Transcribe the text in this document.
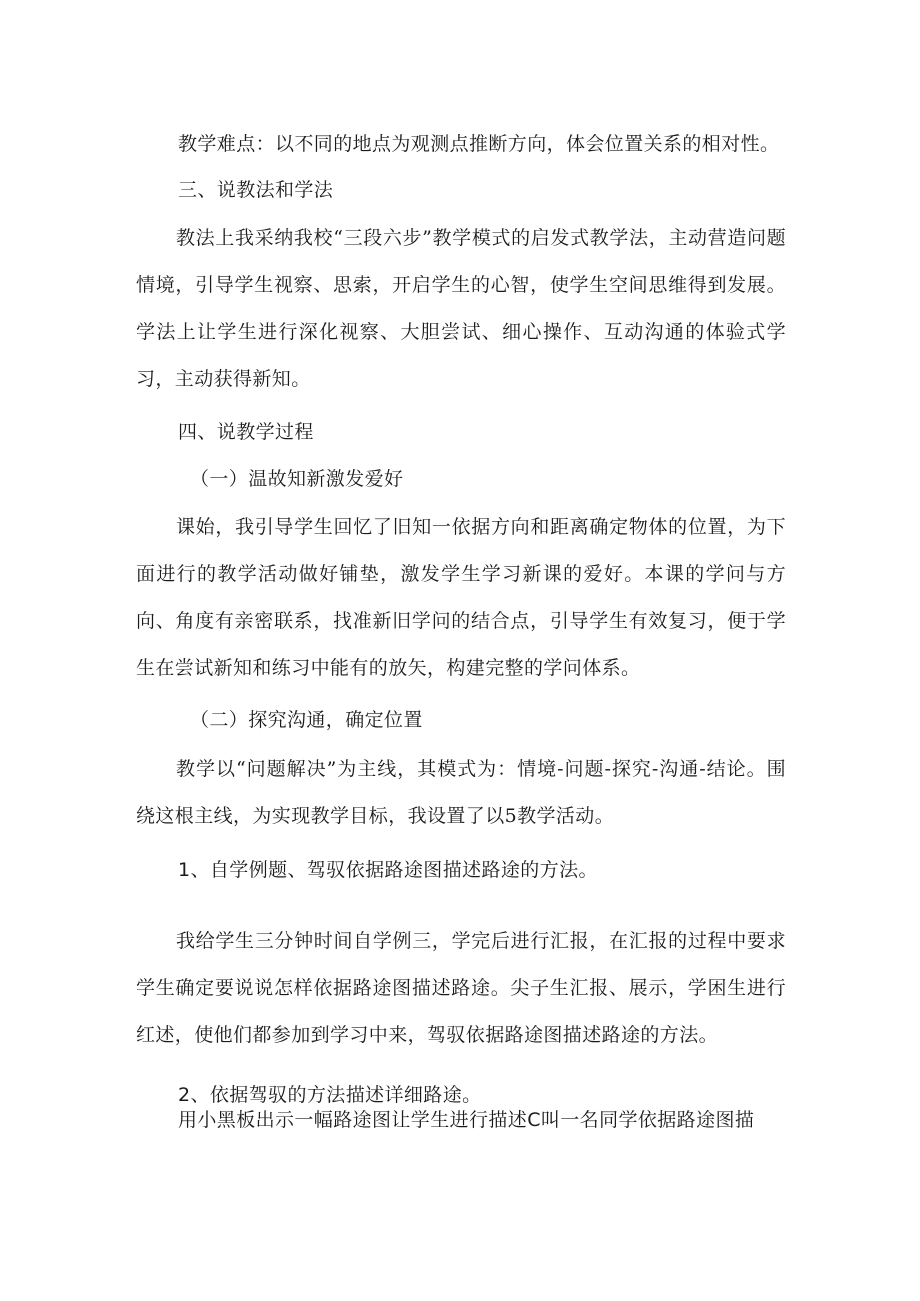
教学难点：以不同的地点为观测点推断方向，体会位置关系的相对性。
三、说教法和学法

教法上我采纳我校“三段六步”教学模式的启发式教学法，主动营造问题情境，引导学生视察、思索，开启学生的心智，使学生空间思维得到发展。学法上让学生进行深化视察、大胆尝试、细心操作、互动沟通的体验式学习，主动获得新知。

四、说教学过程
（一）温故知新激发爱好

课始，我引导学生回忆了旧知一依据方向和距离确定物体的位置，为下面进行的教学活动做好铺垫，激发学生学习新课的爱好。本课的学问与方向、角度有亲密联系，找准新旧学问的结合点，引导学生有效复习，便于学生在尝试新知和练习中能有的放矢，构建完整的学问体系。

（二）探究沟通，确定位置

教学以“问题解决”为主线，其模式为：情境-问题-探究-沟通-结论。围绕这根主线，为实现教学目标，我设置了以5教学活动。

1、自学例题、驾驭依据路途图描述路途的方法。

我给学生三分钟时间自学例三，学完后进行汇报，在汇报的过程中要求学生确定要说说怎样依据路途图描述路途。尖子生汇报、展示，学困生进行红述，使他们都参加到学习中来，驾驭依据路途图描述路途的方法。

2、依据驾驭的方法描述详细路途。
用小黑板出示一幅路途图让学生进行描述C叫一名同学依据路途图描
